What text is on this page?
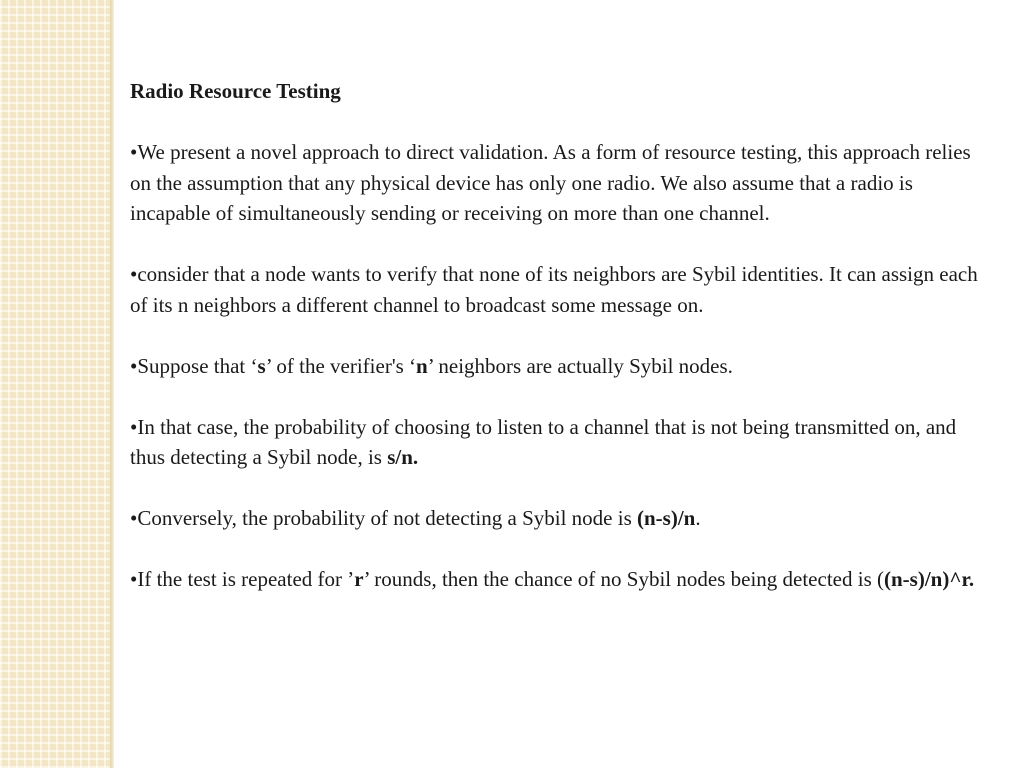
Radio Resource Testing
•We present a novel approach to direct validation. As a form of resource testing, this approach relies on the assumption that any physical device has only one radio. We also assume that a radio is incapable of simultaneously sending or receiving on more than one channel.
•consider that a node wants to verify that none of its neighbors are Sybil identities. It can assign each of its n neighbors a different channel to broadcast some message on.
•Suppose that ‘s’ of the verifier's ‘n’ neighbors are actually Sybil nodes.
•In that case, the probability of choosing to listen to a channel that is not being transmitted on, and thus detecting a Sybil node, is s/n.
•Conversely, the probability of not detecting a Sybil node is (n-s)/n.
•If the test is repeated for ’r’ rounds, then the chance of no Sybil nodes being detected is ((n-s)/n)^r.
